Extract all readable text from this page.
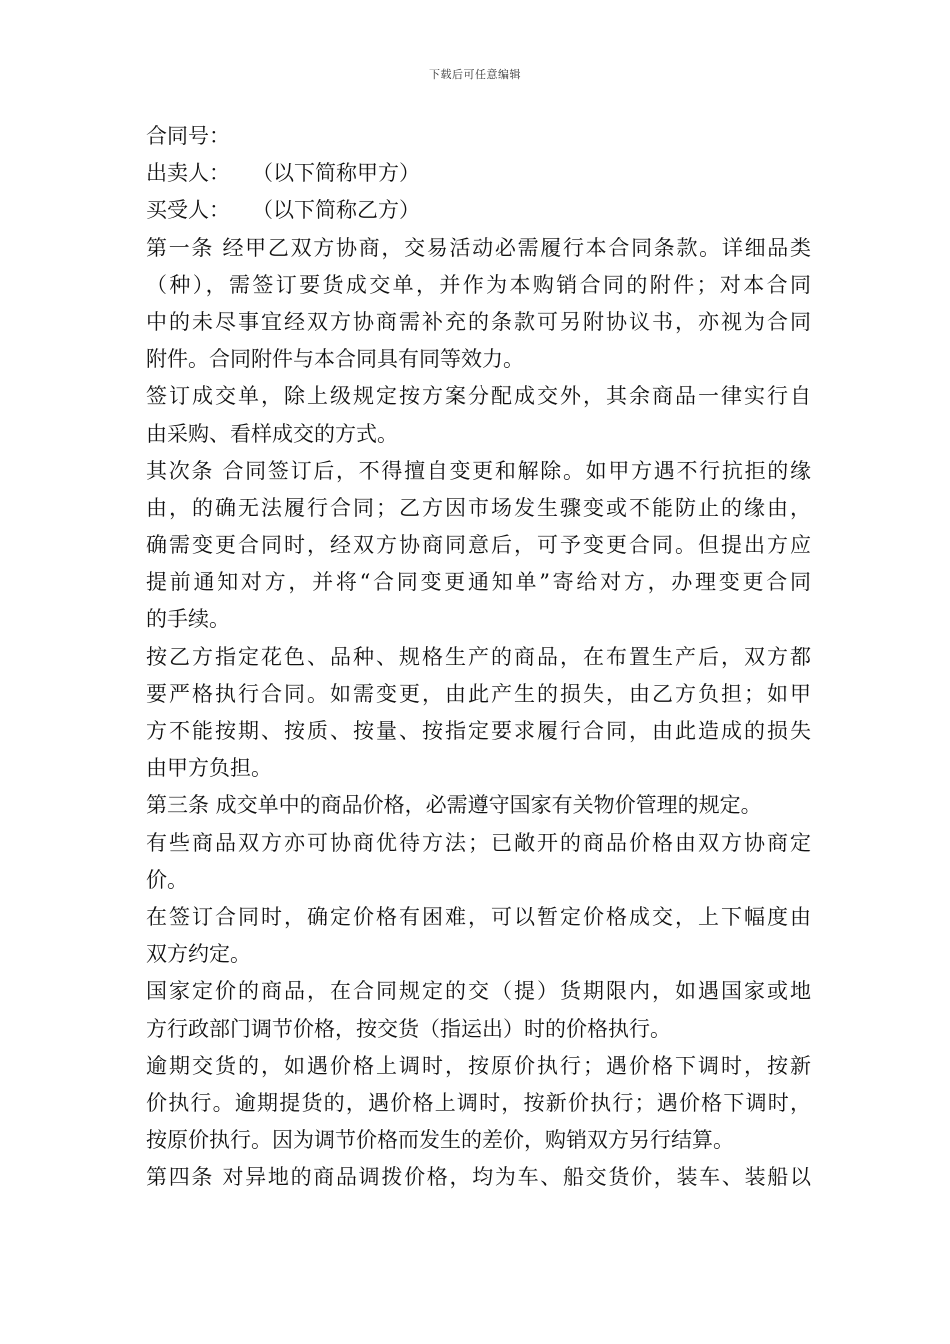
下载后可任意编辑
合同号：
出卖人： （以下简称甲方）
买受人： （以下简称乙方）
第一条 经甲乙双方协商，交易活动必需履行本合同条款。详细品类
（种），需签订要货成交单，并作为本购销合同的附件；对本合同
中的未尽事宜经双方协商需补充的条款可另附协议书，亦视为合同
附件。合同附件与本合同具有同等效力。
签订成交单，除上级规定按方案分配成交外，其余商品一律实行自
由采购、看样成交的方式。
其次条 合同签订后，不得擅自变更和解除。如甲方遇不行抗拒的缘
由，的确无法履行合同；乙方因市场发生骤变或不能防止的缘由，
确需变更合同时，经双方协商同意后，可予变更合同。但提出方应
提前通知对方，并将“合同变更通知单”寄给对方，办理变更合同
的手续。
按乙方指定花色、品种、规格生产的商品，在布置生产后，双方都
要严格执行合同。如需变更，由此产生的损失，由乙方负担；如甲
方不能按期、按质、按量、按指定要求履行合同，由此造成的损失
由甲方负担。
第三条 成交单中的商品价格，必需遵守国家有关物价管理的规定。
有些商品双方亦可协商优待方法；已敞开的商品价格由双方协商定
价。
在签订合同时，确定价格有困难，可以暂定价格成交，上下幅度由
双方约定。
国家定价的商品，在合同规定的交（提）货期限内，如遇国家或地
方行政部门调节价格，按交货（指运出）时的价格执行。
逾期交货的，如遇价格上调时，按原价执行；遇价格下调时，按新
价执行。逾期提货的，遇价格上调时，按新价执行；遇价格下调时，
按原价执行。因为调节价格而发生的差价，购销双方另行结算。
第四条 对异地的商品调拨价格，均为车、船交货价，装车、装船以
